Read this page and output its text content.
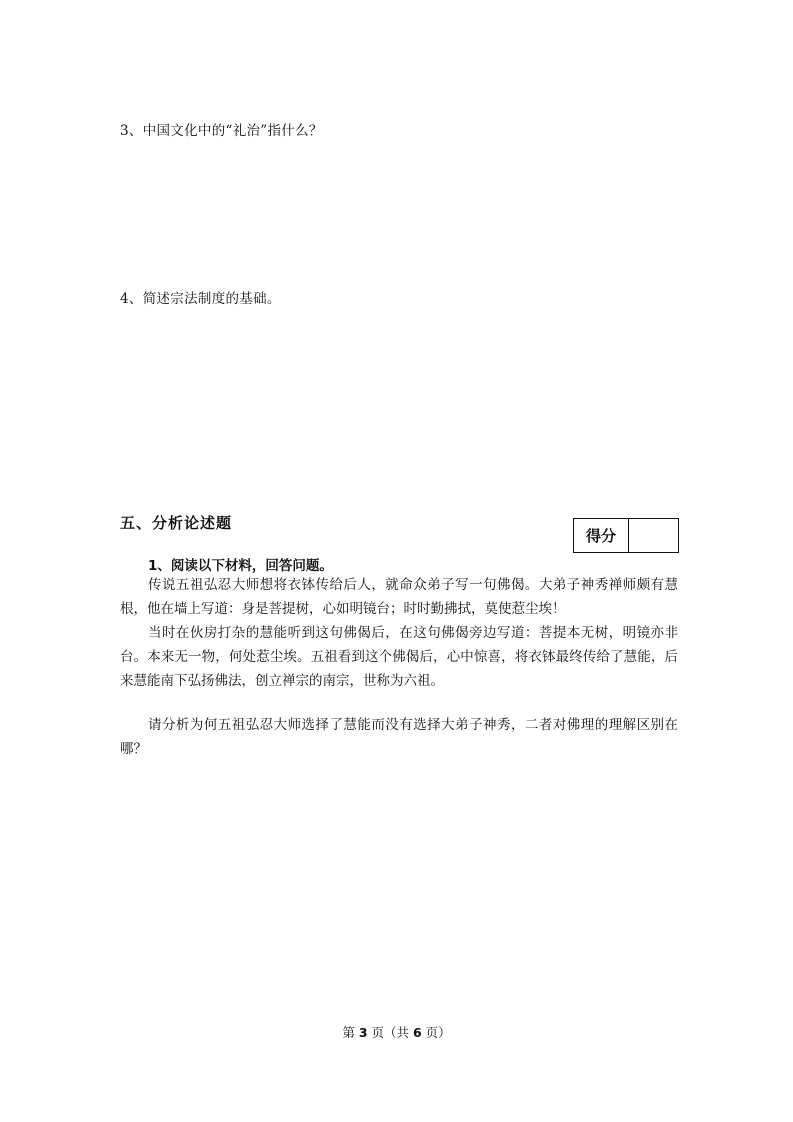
3、中国文化中的“礼治”指什么？
4、简述宗法制度的基础。
五、分析论述题
得分
1、阅读以下材料，回答问题。

传说五祖弘忍大师想将衣钵传给后人，就命众弟子写一句佛偈。大弟子神秀禅师颇有慧根，他在墙上写道：身是菩提树，心如明镜台；时时勤拂拭，莫使惹尘埃！

当时在伙房打杂的慧能听到这句佛偈后，在这句佛偈旁边写道：菩提本无树，明镜亦非台。本来无一物，何处惹尘埃。五祖看到这个佛偈后，心中惊喜，将衣钵最终传给了慧能，后来慧能南下弘扬佛法，创立禅宗的南宗，世称为六祖。

请分析为何五祖弘忍大师选择了慧能而没有选择大弟子神秀，二者对佛理的理解区别在哪？

第 3 页（共 6 页）
